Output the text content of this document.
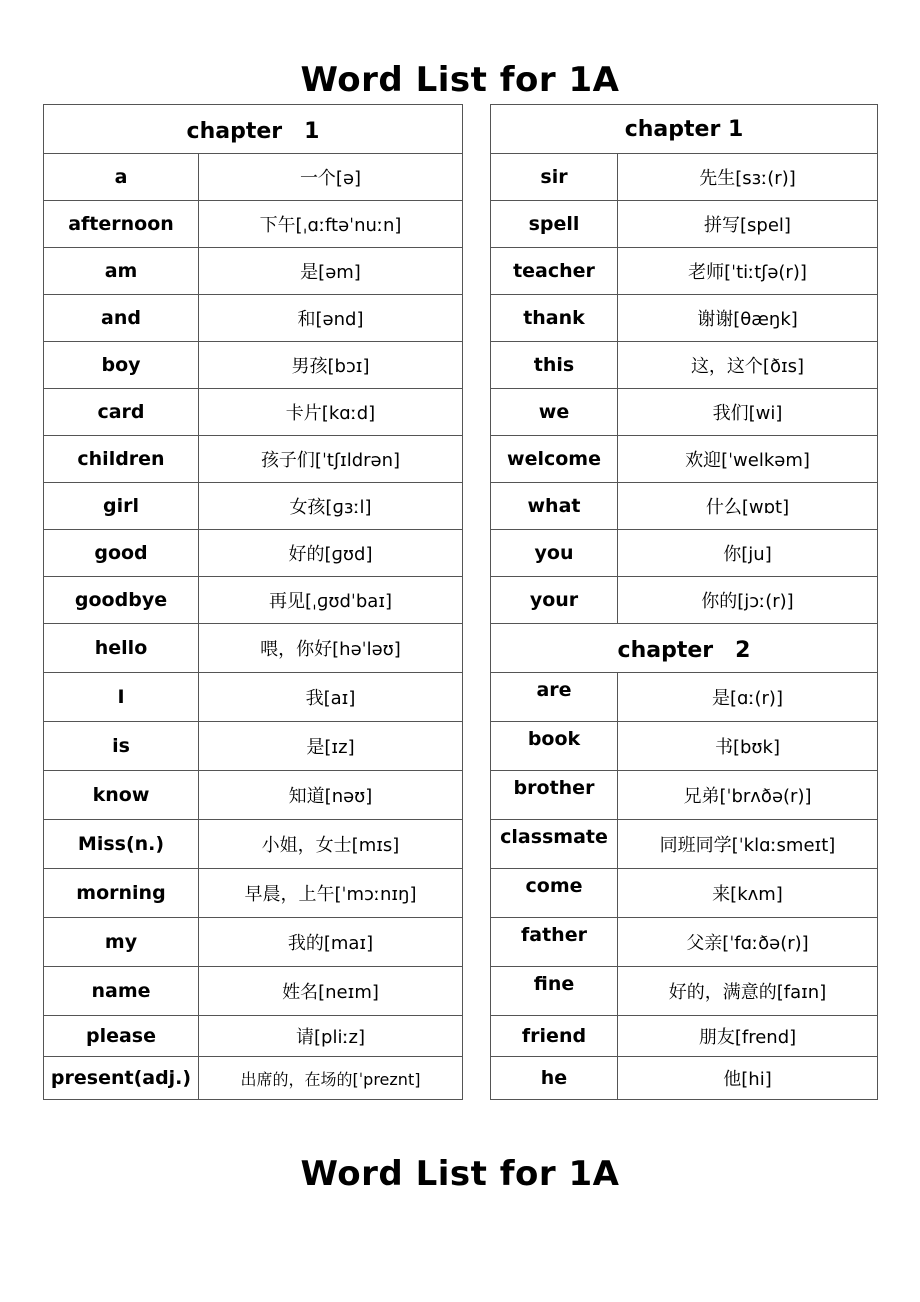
Word List for 1A
chapter　1	
a	一个[ə]
afternoon	下午[ˌɑːftəˈnuːn]
am	是[əm]
and	和[ənd]
boy	男孩[bɔɪ]
card	卡片[kɑːd]
children	孩子们[ˈtʃɪldrən]
girl	女孩[ɡɜːl]
good	好的[ɡʊd]
goodbye	再见[ˌɡʊdˈbaɪ]
hello	喂，你好[həˈləʊ]
I	我[aɪ]
is	是[ɪz]
know	知道[nəʊ]
Miss(n.)	小姐，女士[mɪs]
morning	早晨，上午[ˈmɔːnɪŋ]
my	我的[maɪ]
name	姓名[neɪm]
please	请[pliːz]
present(adj.)	出席的，在场的[ˈpreznt]
chapter 1	
sir	先生[sɜː(r)]
spell	拼写[spel]
teacher	老师[ˈtiːtʃə(r)]
thank	谢谢[θæŋk]
this	这，这个[ðɪs]
we	我们[wi]
welcome	欢迎[ˈwelkəm]
what	什么[wɒt]
you	你[ju]
your	你的[jɔː(r)]
chapter　2	
are	是[ɑː(r)]
book	书[bʊk]
brother	兄弟[ˈbrʌðə(r)]
classmate	同班同学[ˈklɑːsmeɪt]
come	来[kʌm]
father	父亲[ˈfɑːðə(r)]
fine	好的，满意的[faɪn]
friend	朋友[frend]
he	他[hi]
Word List for 1A
